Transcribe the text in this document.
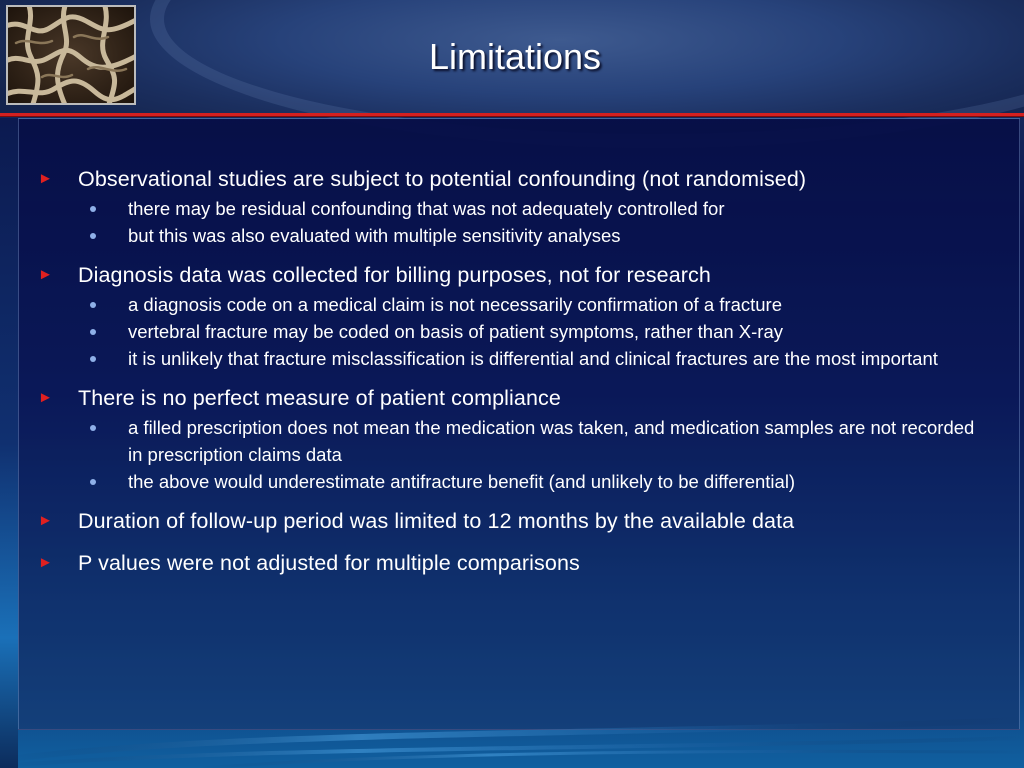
Limitations
►	Observational studies are subject to potential confounding (not randomised)
there may be residual confounding that was not adequately controlled for
but this was also evaluated with multiple sensitivity analyses
►	Diagnosis data was collected for billing purposes, not for research
a diagnosis code on a medical claim is not necessarily confirmation of a fracture
vertebral fracture may be coded on basis of patient symptoms, rather than X-ray
it is unlikely that fracture misclassification is differential and clinical fractures are the most important
►	There is no perfect measure of patient compliance
a filled prescription does not mean the medication was taken, and medication samples are not recorded in prescription claims data
the above would underestimate antifracture benefit (and unlikely to be differential)
►	Duration of follow-up period was limited to 12 months by the available data
►	P values were not adjusted for multiple comparisons
